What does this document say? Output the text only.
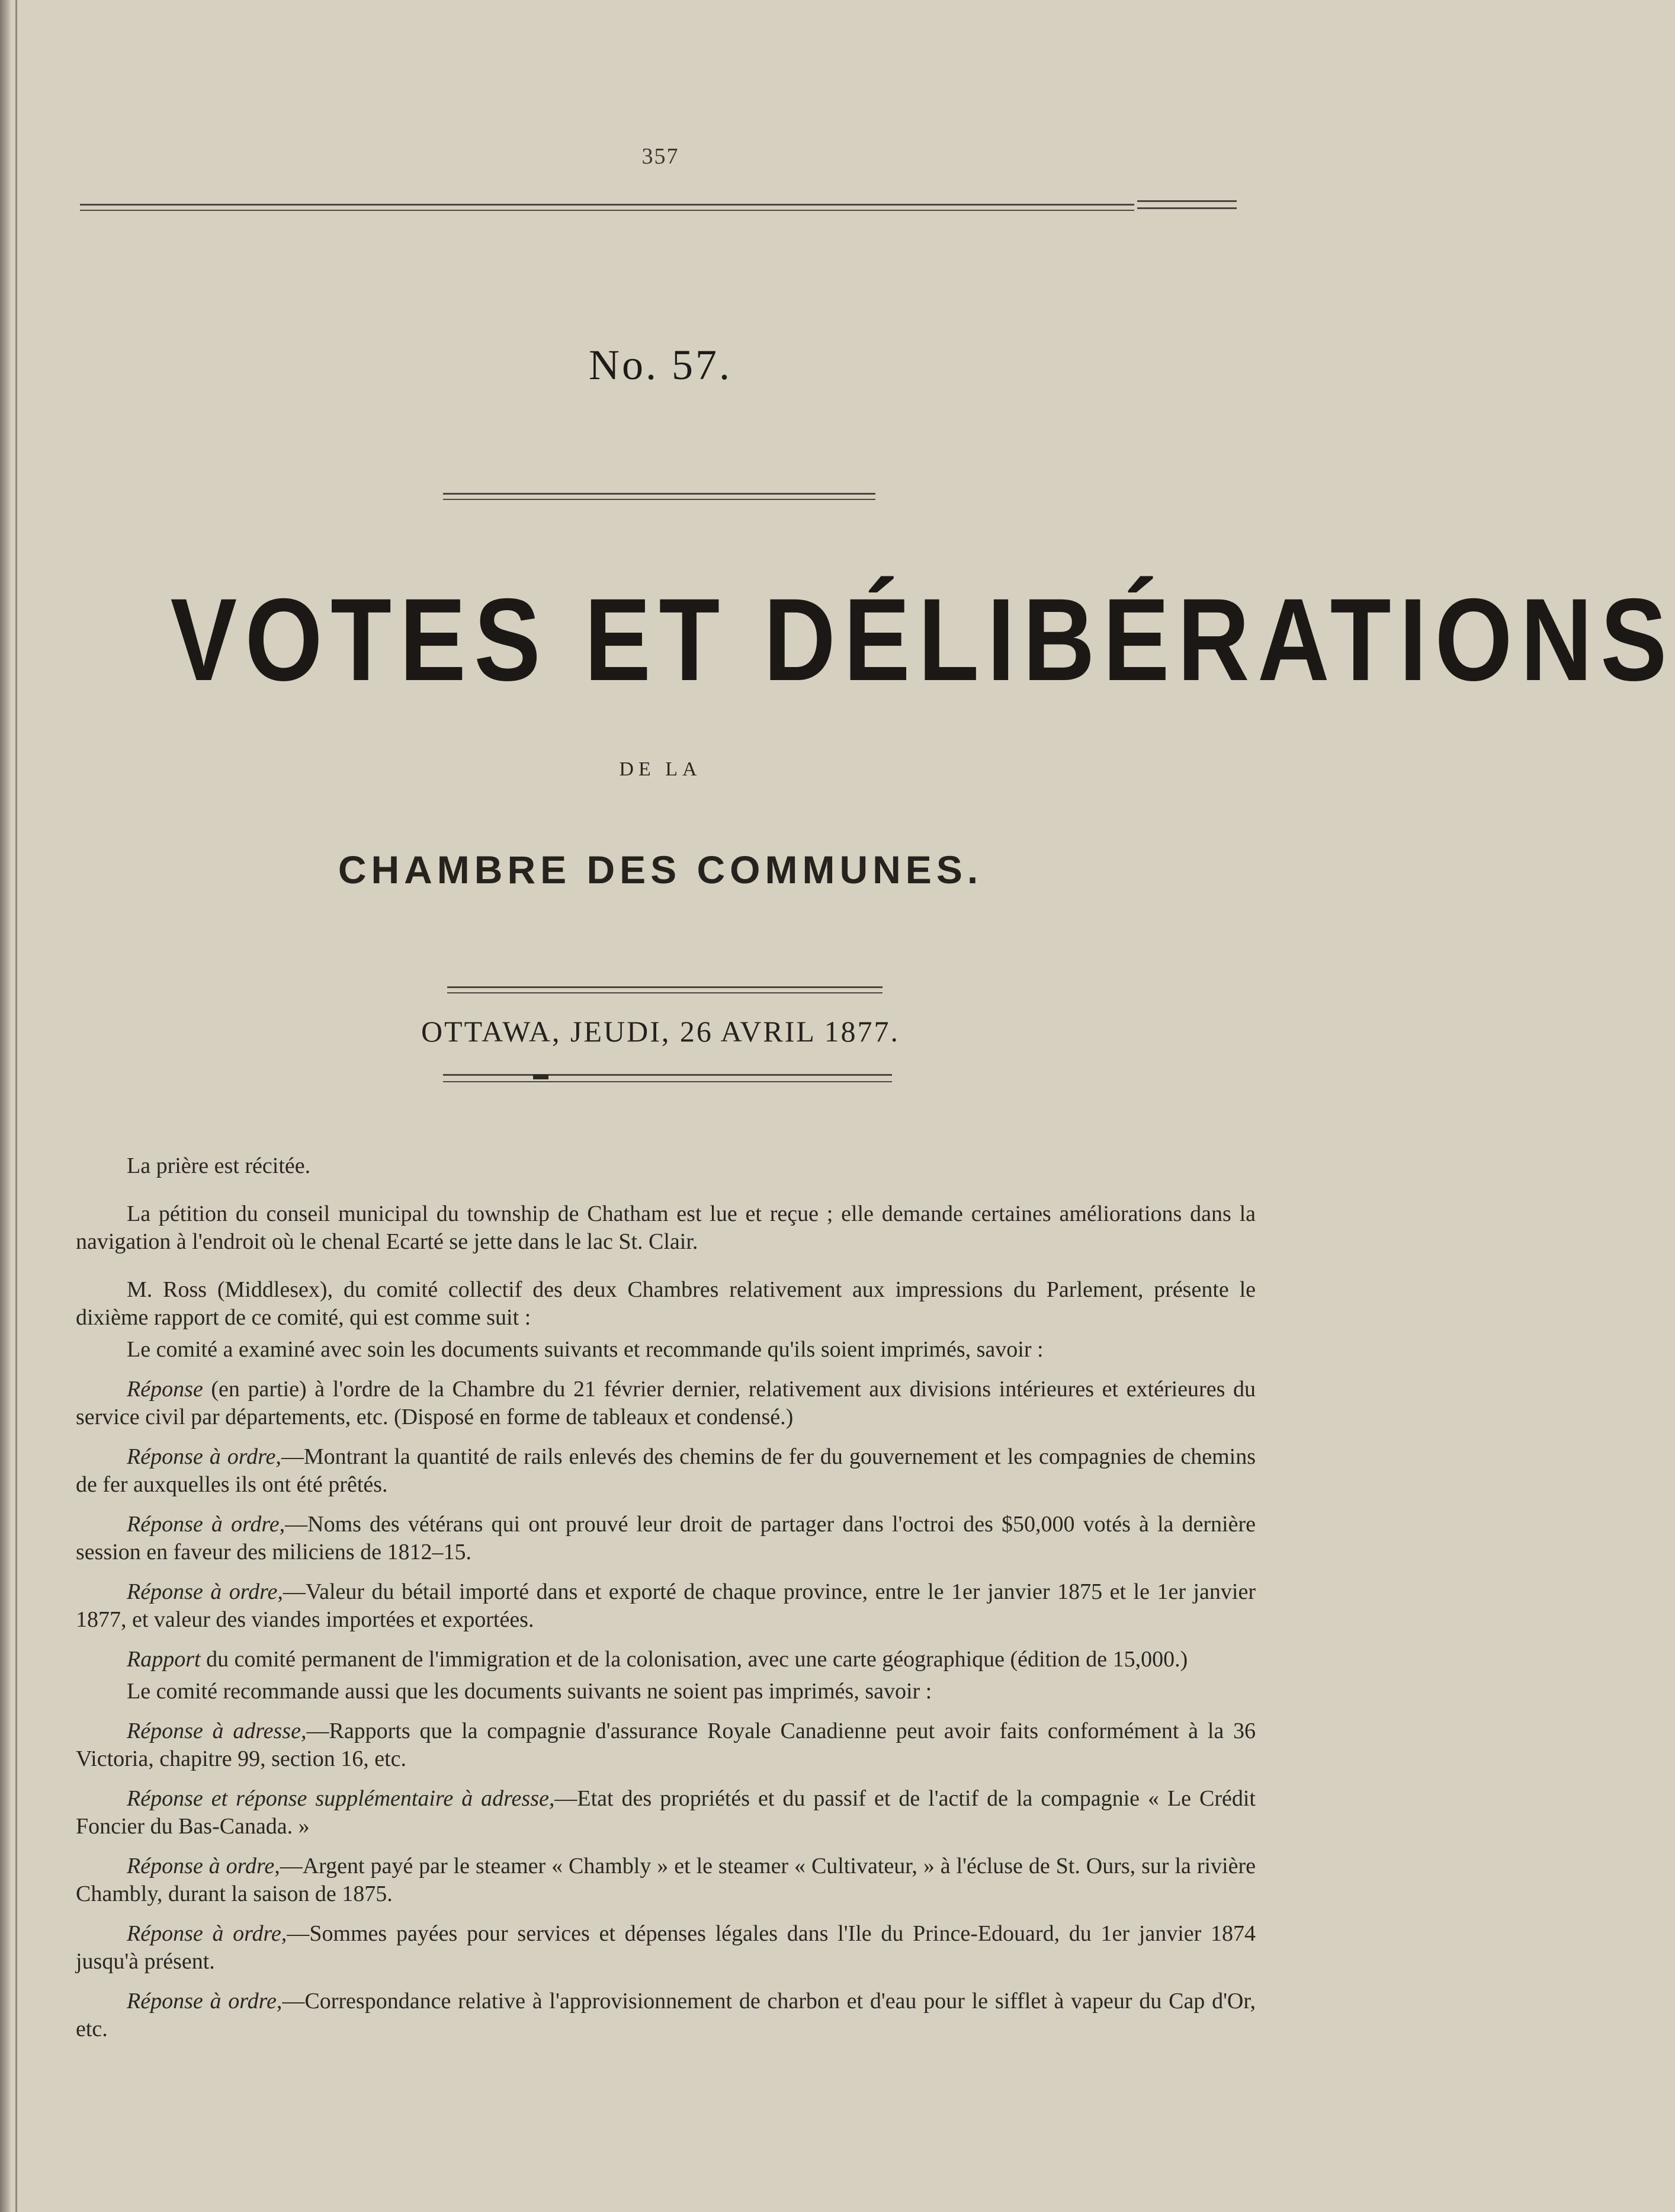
357
No. 57.
VOTES ET DÉLIBÉRATIONS
DE LA
CHAMBRE DES COMMUNES.
OTTAWA, JEUDI, 26 AVRIL 1877.

La prière est récitée.

La pétition du conseil municipal du township de Chatham est lue et reçue ; elle demande certaines améliorations dans la navigation à l'endroit où le chenal Ecarté se jette dans le lac St. Clair.

M. Ross (Middlesex), du comité collectif des deux Chambres relativement aux impressions du Parlement, présente le dixième rapport de ce comité, qui est comme suit :

Le comité a examiné avec soin les documents suivants et recommande qu'ils soient imprimés, savoir :

Réponse (en partie) à l'ordre de la Chambre du 21 février dernier, relativement aux divisions intérieures et extérieures du service civil par départements, etc. (Disposé en forme de tableaux et condensé.)

Réponse à ordre,—Montrant la quantité de rails enlevés des chemins de fer du gouvernement et les compagnies de chemins de fer auxquelles ils ont été prêtés.

Réponse à ordre,—Noms des vétérans qui ont prouvé leur droit de partager dans l'octroi des $50,000 votés à la dernière session en faveur des miliciens de 1812–15.

Réponse à ordre,—Valeur du bétail importé dans et exporté de chaque province, entre le 1er janvier 1875 et le 1er janvier 1877, et valeur des viandes importées et exportées.

Rapport du comité permanent de l'immigration et de la colonisation, avec une carte géographique (édition de 15,000.)

Le comité recommande aussi que les documents suivants ne soient pas imprimés, savoir :

Réponse à adresse,—Rapports que la compagnie d'assurance Royale Canadienne peut avoir faits conformément à la 36 Victoria, chapitre 99, section 16, etc.

Réponse et réponse supplémentaire à adresse,—Etat des propriétés et du passif et de l'actif de la compagnie « Le Crédit Foncier du Bas-Canada. »

Réponse à ordre,—Argent payé par le steamer « Chambly » et le steamer « Cultivateur, » à l'écluse de St. Ours, sur la rivière Chambly, durant la saison de 1875.

Réponse à ordre,—Sommes payées pour services et dépenses légales dans l'Ile du Prince-Edouard, du 1er janvier 1874 jusqu'à présent.

Réponse à ordre,—Correspondance relative à l'approvisionnement de charbon et d'eau pour le sifflet à vapeur du Cap d'Or, etc.
